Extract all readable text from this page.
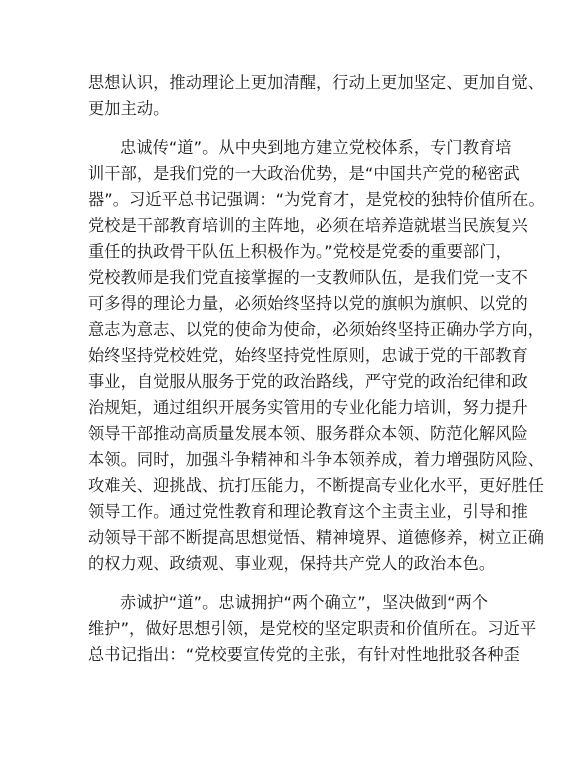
思想认识，推动理论上更加清醒，行动上更加坚定、更加自觉、
更加主动。
忠诚传“道”。从中央到地方建立党校体系，专门教育培
训干部，是我们党的一大政治优势，是“中国共产党的秘密武
器”。习近平总书记强调：“为党育才，是党校的独特价值所在。
党校是干部教育培训的主阵地，必须在培养造就堪当民族复兴
重任的执政骨干队伍上积极作为。”党校是党委的重要部门，
党校教师是我们党直接掌握的一支教师队伍，是我们党一支不
可多得的理论力量，必须始终坚持以党的旗帜为旗帜、以党的
意志为意志、以党的使命为使命，必须始终坚持正确办学方向，
始终坚持党校姓党，始终坚持党性原则，忠诚于党的干部教育
事业，自觉服从服务于党的政治路线，严守党的政治纪律和政
治规矩，通过组织开展务实管用的专业化能力培训，努力提升
领导干部推动高质量发展本领、服务群众本领、防范化解风险
本领。同时，加强斗争精神和斗争本领养成，着力增强防风险、
攻难关、迎挑战、抗打压能力，不断提高专业化水平，更好胜任
领导工作。通过党性教育和理论教育这个主责主业，引导和推
动领导干部不断提高思想觉悟、精神境界、道德修养，树立正确
的权力观、政绩观、事业观，保持共产党人的政治本色。
赤诚护“道”。忠诚拥护“两个确立”，坚决做到“两个
维护”，做好思想引领，是党校的坚定职责和价值所在。习近平
总书记指出：“党校要宣传党的主张，有针对性地批驳各种歪
